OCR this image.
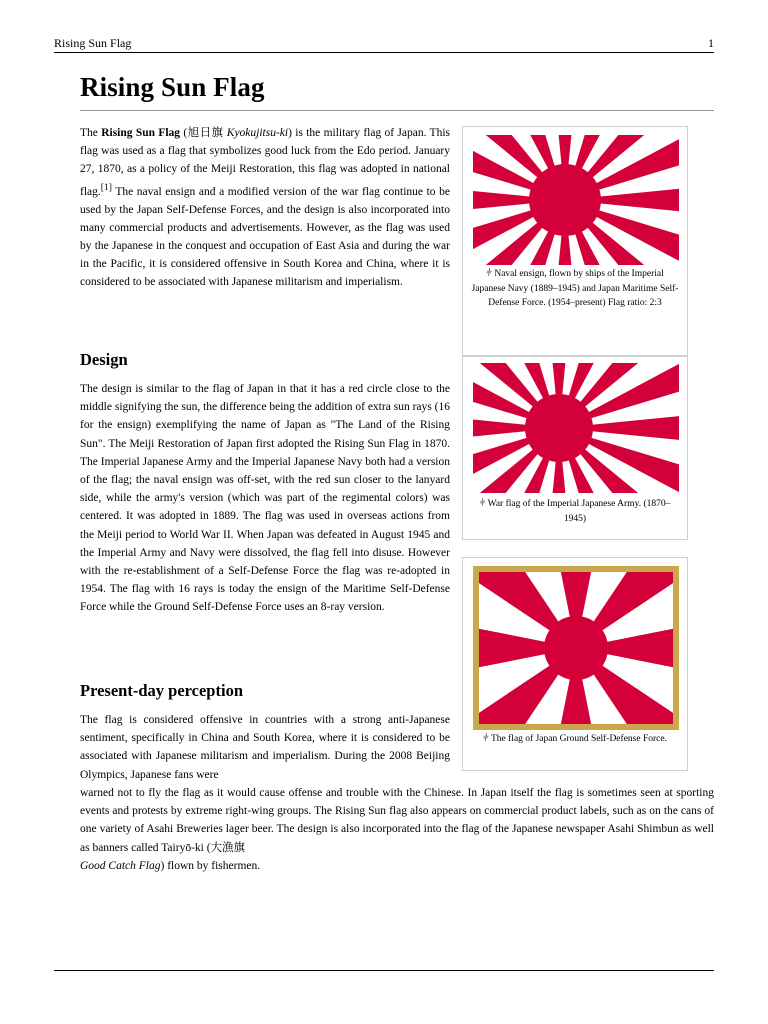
Rising Sun Flag	1
Rising Sun Flag

The Rising Sun Flag (旭日旗 Kyokujitsu-ki) is the military flag of Japan. This flag was used as a flag that symbolizes good luck from the Edo period. January 27, 1870, as a policy of the Meiji Restoration, this flag was adopted in national flag.[1] The naval ensign and a modified version of the war flag continue to be used by the Japan Self-Defense Forces, and the design is also incorporated into many commercial products and advertisements. However, as the flag was used by the Japanese in the conquest and occupation of East Asia and during the war in the Pacific, it is considered offensive in South Korea and China, where it is considered to be associated with Japanese militarism and imperialism.

Design

The design is similar to the flag of Japan in that it has a red circle close to the middle signifying the sun, the difference being the addition of extra sun rays (16 for the ensign) exemplifying the name of Japan as "The Land of the Rising Sun". The Meiji Restoration of Japan first adopted the Rising Sun Flag in 1870. The Imperial Japanese Army and the Imperial Japanese Navy both had a version of the flag; the naval ensign was off-set, with the red sun closer to the lanyard side, while the army's version (which was part of the regimental colors) was centered. It was adopted in 1889. The flag was used in overseas actions from the Meiji period to World War II. When Japan was defeated in August 1945 and the Imperial Army and Navy were dissolved, the flag fell into disuse. However with the re-establishment of a Self-Defense Force the flag was re-adopted in 1954. The flag with 16 rays is today the ensign of the Maritime Self-Defense Force while the Ground Self-Defense Force uses an 8-ray version.

Present-day perception

The flag is considered offensive in countries with a strong anti-Japanese sentiment, specifically in China and South Korea, where it is considered to be associated with Japanese militarism and imperialism. During the 2008 Beijing Olympics, Japanese fans were

warned not to fly the flag as it would cause offense and trouble with the Chinese. In Japan itself the flag is sometimes seen at sporting events and protests by extreme right-wing groups. The Rising Sun flag also appears on commercial product labels, such as on the cans of one variety of Asahi Breweries lager beer. The design is also incorporated into the flag of the Japanese newspaper Asahi Shimbun as well as banners called Tairyō-ki (大漁旗
Good Catch Flag) flown by fishermen.

⫩ Naval ensign, flown by ships of the Imperial Japanese Navy (1889–1945) and Japan Maritime Self-Defense Force. (1954–present) Flag ratio: 2:3
⫩ War flag of the Imperial Japanese Army. (1870–1945)
⫩ The flag of Japan Ground Self-Defense Force.
